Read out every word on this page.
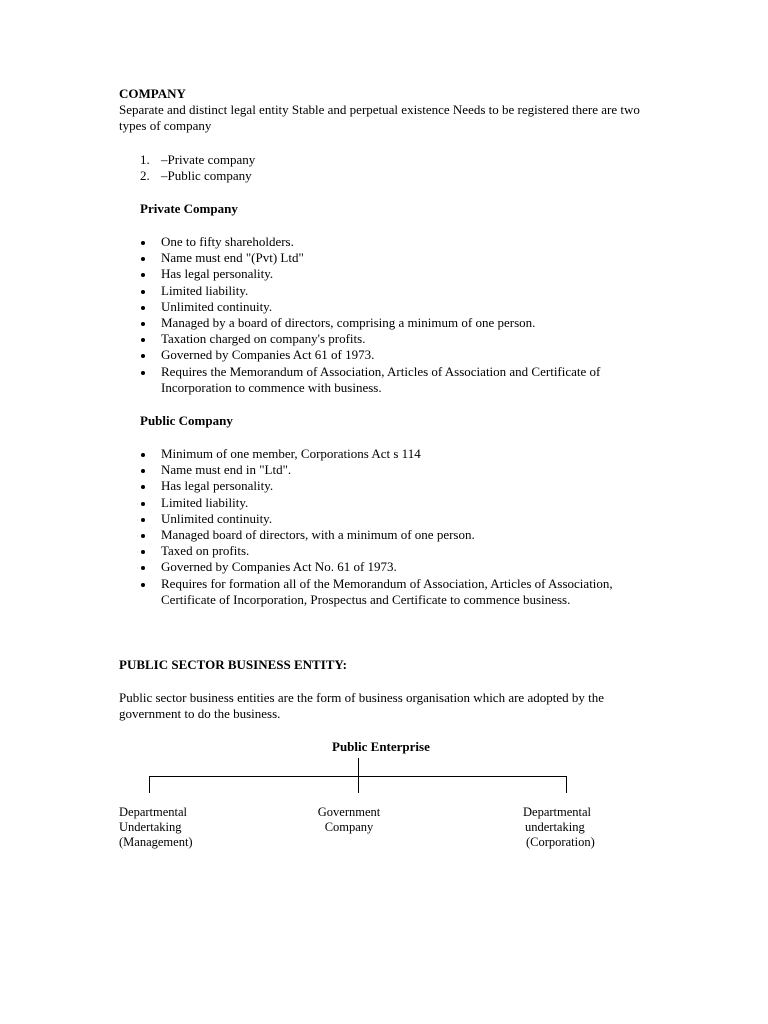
COMPANY
Separate and distinct legal entity Stable and perpetual existence Needs to be registered there are two types of company
1. –Private company
2. –Public company
Private Company
One to fifty shareholders.
Name must end "(Pvt) Ltd"
Has legal personality.
Limited liability.
Unlimited continuity.
Managed by a board of directors, comprising a minimum of one person.
Taxation charged on company's profits.
Governed by Companies Act 61 of 1973.
Requires the Memorandum of Association, Articles of Association and Certificate of Incorporation to commence with business.
Public Company
Minimum of one member, Corporations Act s 114
Name must end in "Ltd".
Has legal personality.
Limited liability.
Unlimited continuity.
Managed board of directors, with a minimum of one person.
Taxed on profits.
Governed by Companies Act No. 61 of 1973.
Requires for formation all of the Memorandum of Association, Articles of Association, Certificate of Incorporation, Prospectus and Certificate to commence business.
PUBLIC SECTOR BUSINESS ENTITY:
Public sector business entities are the form of business organisation which are adopted by the government to do the business.
Public Enterprise
Departmental
Undertaking
(Management)
Government
Company
Departmental
undertaking
(Corporation)
